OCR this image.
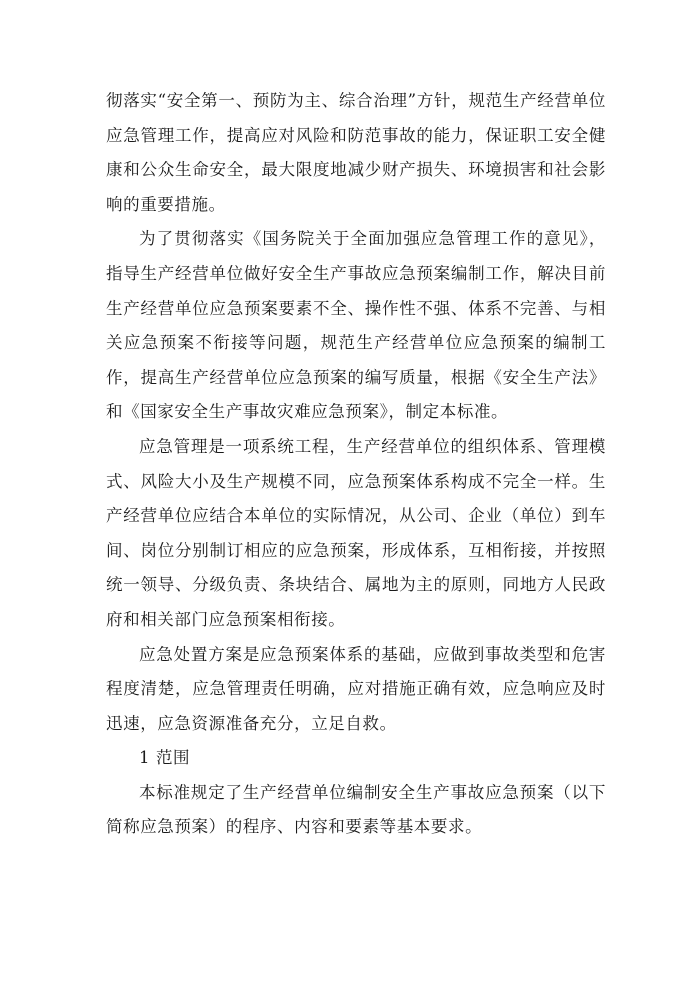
彻落实“安全第一、预防为主、综合治理”方针，规范生产经营单位应急管理工作，提高应对风险和防范事故的能力，保证职工安全健康和公众生命安全，最大限度地减少财产损失、环境损害和社会影响的重要措施。

为了贯彻落实《国务院关于全面加强应急管理工作的意见》，指导生产经营单位做好安全生产事故应急预案编制工作，解决目前生产经营单位应急预案要素不全、操作性不强、体系不完善、与相关应急预案不衔接等问题，规范生产经营单位应急预案的编制工作，提高生产经营单位应急预案的编写质量，根据《安全生产法》和《国家安全生产事故灾难应急预案》，制定本标准。

应急管理是一项系统工程，生产经营单位的组织体系、管理模式、风险大小及生产规模不同，应急预案体系构成不完全一样。生产经营单位应结合本单位的实际情况，从公司、企业（单位）到车间、岗位分别制订相应的应急预案，形成体系，互相衔接，并按照统一领导、分级负责、条块结合、属地为主的原则，同地方人民政府和相关部门应急预案相衔接。

应急处置方案是应急预案体系的基础，应做到事故类型和危害程度清楚，应急管理责任明确，应对措施正确有效，应急响应及时迅速，应急资源准备充分，立足自救。

1 范围

本标准规定了生产经营单位编制安全生产事故应急预案（以下简称应急预案）的程序、内容和要素等基本要求。
